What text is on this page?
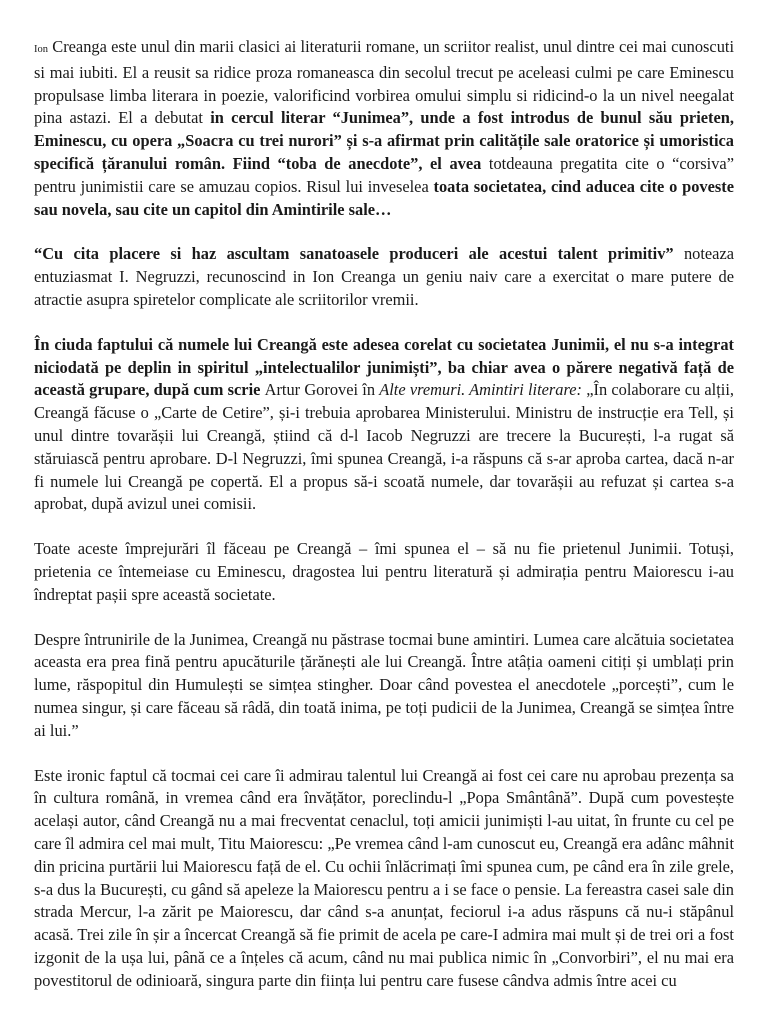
Ion Creanga este unul din marii clasici ai literaturii romane, un scriitor realist, unul dintre cei mai cunoscuti si mai iubiti. El a reusit sa ridice proza romaneasca din secolul trecut pe aceleasi culmi pe care Eminescu propulsase limba literara in poezie, valorificind vorbirea omului simplu si ridicind-o la un nivel neegalat pina astazi. El a debutat in cercul literar “Junimea”, unde a fost introdus de bunul său prieten, Eminescu, cu opera „Soacra cu trei nurori” și s-a afirmat prin calitățile sale oratorice și umoristica specifică țăranului român. Fiind “toba de anecdote”, el avea totdeauna pregatita cite o “corsiva” pentru junimistii care se amuzau copios. Risul lui inveselea toata societatea, cind aducea cite o poveste sau novela, sau cite un capitol din Amintirile sale…

“Cu cita placere si haz ascultam sanatoasele produceri ale acestui talent primitiv” noteaza entuziasmat I. Negruzzi, recunoscind in Ion Creanga un geniu naiv care a exercitat o mare putere de atractie asupra spiretelor complicate ale scriitorilor vremii.

În ciuda faptului că numele lui Creangă este adesea corelat cu societatea Junimii, el nu s-a integrat niciodată pe deplin in spiritul „intelectualilor junimiști”, ba chiar avea o părere negativă față de această grupare, după cum scrie Artur Gorovei în Alte vremuri. Amintiri literare: „În colaborare cu alții, Creangă făcuse o „Carte de Cetire”, și-i trebuia aprobarea Ministerului. Ministru de instrucție era Tell, și unul dintre tovarășii lui Creangă, știind că d-l Iacob Negruzzi are trecere la București, l-a rugat să stăruiască pentru aprobare. D-l Negruzzi, îmi spunea Creangă, i-a răspuns că s-ar aproba cartea, dacă n-ar fi numele lui Creangă pe copertă. El a propus să-i scoată numele, dar tovarășii au refuzat și cartea s-a aprobat, după avizul unei comisii.

Toate aceste împrejurări îl făceau pe Creangă – îmi spunea el – să nu fie prietenul Junimii. Totuși, prietenia ce întemeiase cu Eminescu, dragostea lui pentru literatură și admirația pentru Maiorescu i-au îndreptat pașii spre această societate.

Despre întrunirile de la Junimea, Creangă nu păstrase tocmai bune amintiri. Lumea care alcătuia societatea aceasta era prea fină pentru apucăturile țărănești ale lui Creangă. Între atâția oameni citiți și umblați prin lume, răspopitul din Humulești se simțea stingher. Doar când povestea el anecdotele „porcești”, cum le numea singur, și care făceau să râdă, din toată inima, pe toți pudicii de la Junimea, Creangă se simțea între ai lui.”

Este ironic faptul că tocmai cei care îi admirau talentul lui Creangă ai fost cei care nu aprobau prezența sa în cultura română, in vremea când era învățător, poreclindu-l „Popa Smântână”. După cum povestește același autor, când Creangă nu a mai frecventat cenaclul, toți amicii junimiști l-au uitat, în frunte cu cel pe care îl admira cel mai mult, Titu Maiorescu: „Pe vremea când l-am cunoscut eu, Creangă era adânc mâhnit din pricina purtării lui Maiorescu față de el. Cu ochii înlăcrimați îmi spunea cum, pe când era în zile grele, s-a dus la București, cu gând să apeleze la Maiorescu pentru a i se face o pensie. La fereastra casei sale din strada Mercur, l-a zărit pe Maiorescu, dar când s-a anunțat, feciorul i-a adus răspuns că nu-i stăpânul acasă. Trei zile în șir a încercat Creangă să fie primit de acela pe care-I admira mai mult și de trei ori a fost izgonit de la ușa lui, până ce a înțeles că acum, când nu mai publica nimic în „Convorbiri”, el nu mai era povestitorul de odinioară, singura parte din ființa lui pentru care fusese cândva admis între acei cu
